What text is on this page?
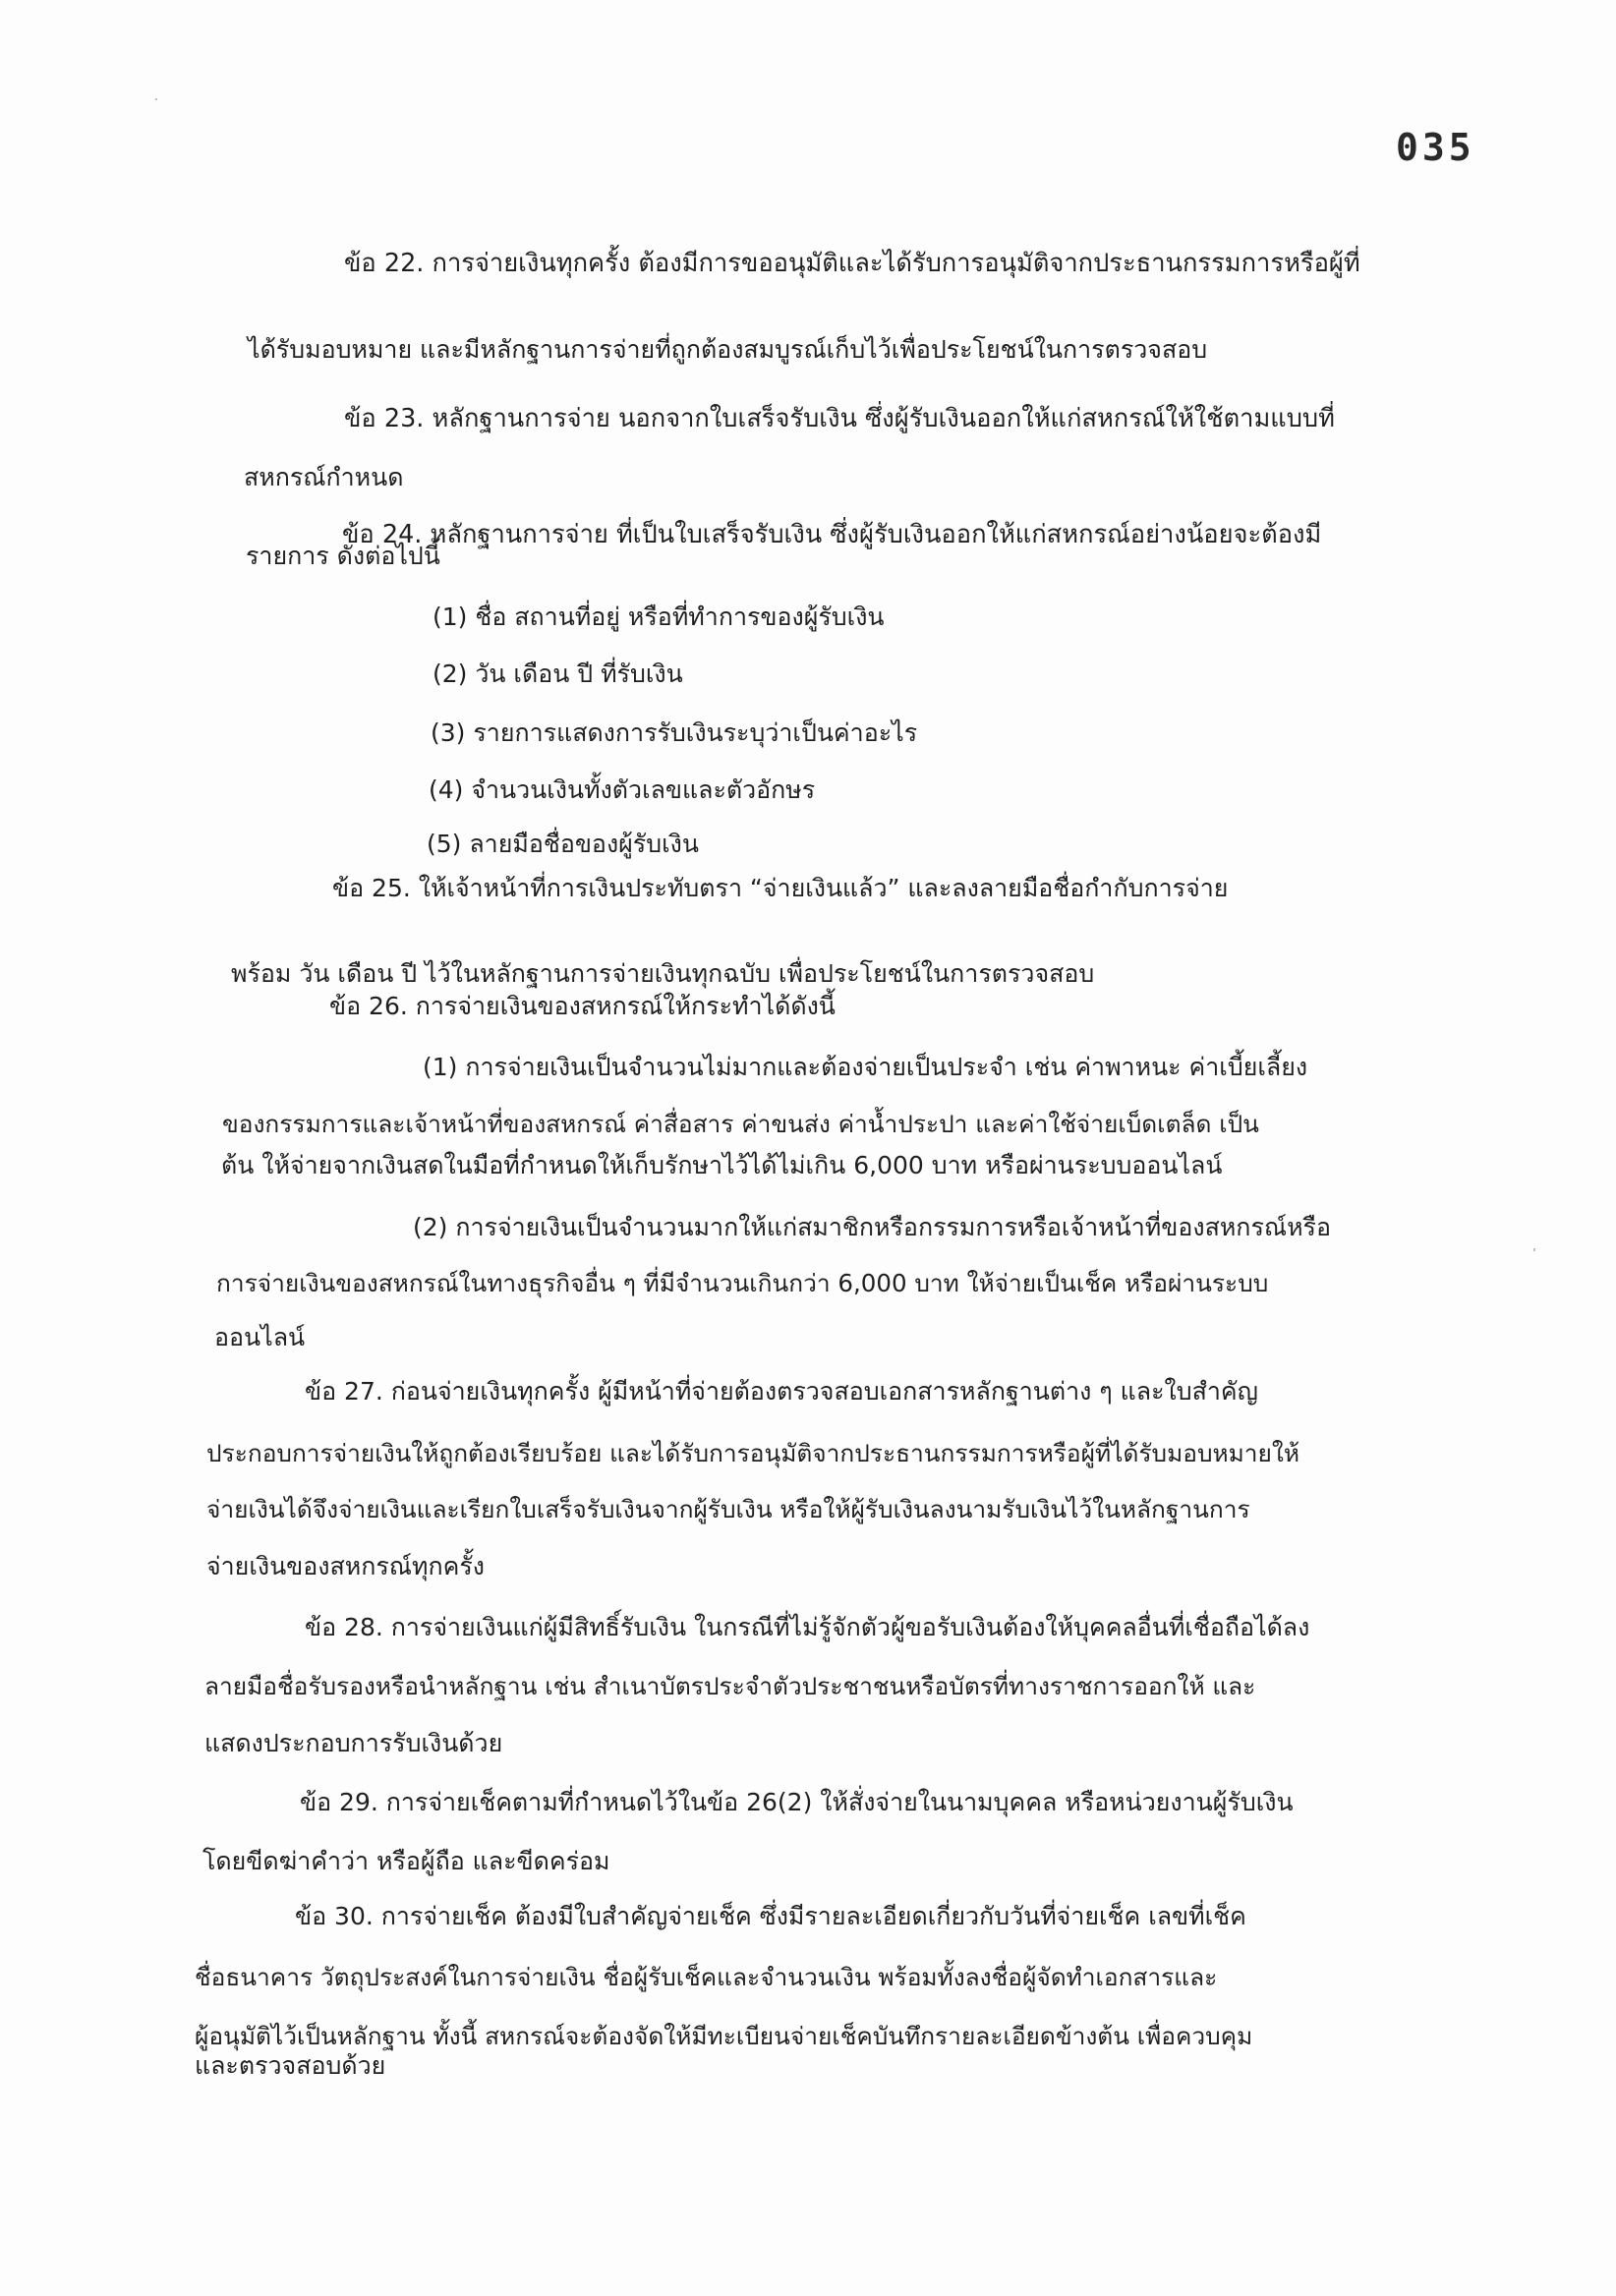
035
ข้อ 22. การจ่ายเงินทุกครั้ง ต้องมีการขออนุมัติและได้รับการอนุมัติจากประธานกรรมการหรือผู้ที่
ได้รับมอบหมาย และมีหลักฐานการจ่ายที่ถูกต้องสมบูรณ์เก็บไว้เพื่อประโยชน์ในการตรวจสอบ
ข้อ 23. หลักฐานการจ่าย นอกจากใบเสร็จรับเงิน ซึ่งผู้รับเงินออกให้แก่สหกรณ์ให้ใช้ตามแบบที่
สหกรณ์กำหนด
ข้อ 24. หลักฐานการจ่าย ที่เป็นใบเสร็จรับเงิน ซึ่งผู้รับเงินออกให้แก่สหกรณ์อย่างน้อยจะต้องมี
รายการ ดังต่อไปนี้
(1) ชื่อ สถานที่อยู่ หรือที่ทำการของผู้รับเงิน
(2) วัน เดือน ปี ที่รับเงิน
(3) รายการแสดงการรับเงินระบุว่าเป็นค่าอะไร
(4) จำนวนเงินทั้งตัวเลขและตัวอักษร
(5) ลายมือชื่อของผู้รับเงิน
ข้อ 25. ให้เจ้าหน้าที่การเงินประทับตรา “จ่ายเงินแล้ว” และลงลายมือชื่อกำกับการจ่าย
พร้อม วัน เดือน ปี ไว้ในหลักฐานการจ่ายเงินทุกฉบับ เพื่อประโยชน์ในการตรวจสอบ
ข้อ 26. การจ่ายเงินของสหกรณ์ให้กระทำได้ดังนี้
(1) การจ่ายเงินเป็นจำนวนไม่มากและต้องจ่ายเป็นประจำ เช่น ค่าพาหนะ ค่าเบี้ยเลี้ยง
ของกรรมการและเจ้าหน้าที่ของสหกรณ์ ค่าสื่อสาร ค่าขนส่ง ค่าน้ำประปา และค่าใช้จ่ายเบ็ดเตล็ด เป็น
ต้น ให้จ่ายจากเงินสดในมือที่กำหนดให้เก็บรักษาไว้ได้ไม่เกิน 6,000 บาท หรือผ่านระบบออนไลน์
(2) การจ่ายเงินเป็นจำนวนมากให้แก่สมาชิกหรือกรรมการหรือเจ้าหน้าที่ของสหกรณ์หรือ
การจ่ายเงินของสหกรณ์ในทางธุรกิจอื่น ๆ ที่มีจำนวนเกินกว่า 6,000 บาท ให้จ่ายเป็นเช็ค หรือผ่านระบบ
ออนไลน์
ข้อ 27. ก่อนจ่ายเงินทุกครั้ง ผู้มีหน้าที่จ่ายต้องตรวจสอบเอกสารหลักฐานต่าง ๆ และใบสำคัญ
ประกอบการจ่ายเงินให้ถูกต้องเรียบร้อย และได้รับการอนุมัติจากประธานกรรมการหรือผู้ที่ได้รับมอบหมายให้
จ่ายเงินได้จึงจ่ายเงินและเรียกใบเสร็จรับเงินจากผู้รับเงิน หรือให้ผู้รับเงินลงนามรับเงินไว้ในหลักฐานการ
จ่ายเงินของสหกรณ์ทุกครั้ง
ข้อ 28. การจ่ายเงินแก่ผู้มีสิทธิ์รับเงิน ในกรณีที่ไม่รู้จักตัวผู้ขอรับเงินต้องให้บุคคลอื่นที่เชื่อถือได้ลง
ลายมือชื่อรับรองหรือนำหลักฐาน เช่น สำเนาบัตรประจำตัวประชาชนหรือบัตรที่ทางราชการออกให้ และ
แสดงประกอบการรับเงินด้วย
ข้อ 29. การจ่ายเช็คตามที่กำหนดไว้ในข้อ 26(2) ให้สั่งจ่ายในนามบุคคล หรือหน่วยงานผู้รับเงิน
โดยขีดฆ่าคำว่า หรือผู้ถือ และขีดคร่อม
ข้อ 30. การจ่ายเช็ค ต้องมีใบสำคัญจ่ายเช็ค ซึ่งมีรายละเอียดเกี่ยวกับวันที่จ่ายเช็ค เลขที่เช็ค
ชื่อธนาคาร วัตถุประสงค์ในการจ่ายเงิน ชื่อผู้รับเช็คและจำนวนเงิน พร้อมทั้งลงชื่อผู้จัดทำเอกสารและ
ผู้อนุมัติไว้เป็นหลักฐาน ทั้งนี้ สหกรณ์จะต้องจัดให้มีทะเบียนจ่ายเช็คบันทึกรายละเอียดข้างต้น เพื่อควบคุม
และตรวจสอบด้วย
